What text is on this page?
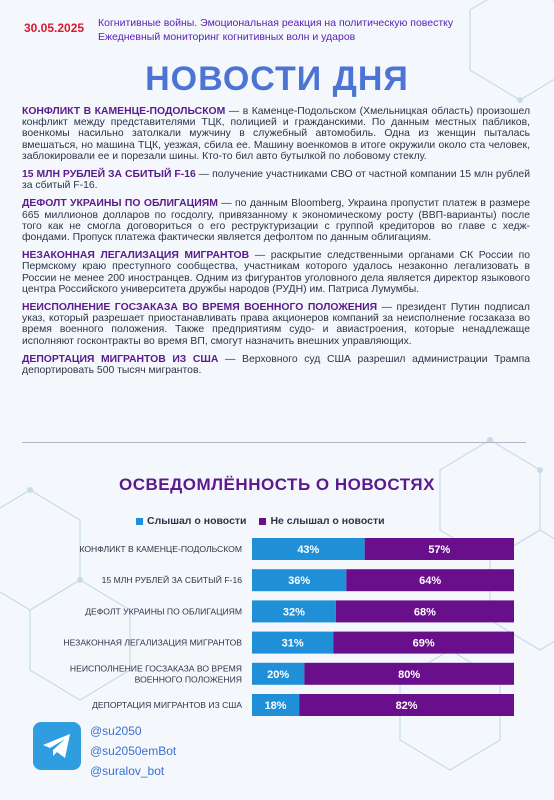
30.05.2025 Когнитивные войны. Эмоциональная реакция на политическую повестку
Ежедневный мониторинг когнитивных волн и ударов
НОВОСТИ ДНЯ

КОНФЛИКТ В КАМЕНЦЕ-ПОДОЛЬСКОМ — в Каменце-Подольском (Хмельницкая область) произошел конфликт между представителями ТЦК, полицией и гражданскими. По данным местных пабликов, военкомы насильно затолкали мужчину в служебный автомобиль. Одна из женщин пыталась вмешаться, но машина ТЦК, уезжая, сбила ее. Машину военкомов в итоге окружили около ста человек, заблокировали ее и порезали шины. Кто-то бил авто бутылкой по лобовому стеклу.

15 МЛН РУБЛЕЙ ЗА СБИТЫЙ F-16 — получение участниками СВО от частной компании 15 млн рублей за сбитый F-16.

ДЕФОЛТ УКРАИНЫ ПО ОБЛИГАЦИЯМ — по данным Bloomberg, Украина пропустит платеж в размере 665 миллионов долларов по госдолгу, привязанному к экономическому росту (ВВП-варианты) после того как не смогла договориться о его реструктуризации с группой кредиторов во главе с хедж-фондами. Пропуск платежа фактически является дефолтом по данным облигациям.

НЕЗАКОННАЯ ЛЕГАЛИЗАЦИЯ МИГРАНТОВ — раскрытие следственными органами СК России по Пермскому краю преступного сообщества, участникам которого удалось незаконно легализовать в России не менее 200 иностранцев. Одним из фигурантов уголовного дела является директор языкового центра Российского университета дружбы народов (РУДН) им. Патриса Лумумбы.

НЕИСПОЛНЕНИЕ ГОСЗАКАЗА ВО ВРЕМЯ ВОЕННОГО ПОЛОЖЕНИЯ — президент Путин подписал указ, который разрешает приостанавливать права акционеров компаний за неисполнение госзаказа во время военного положения. Также предприятиям судо- и авиастроения, которые ненадлежаще исполняют госконтракты во время ВП, смогут назначить внешних управляющих.

ДЕПОРТАЦИЯ МИГРАНТОВ ИЗ США — Верховного суд США разрешил администрации Трампа депортировать 500 тысяч мигрантов.

ОСВЕДОМЛЁННОСТЬ О НОВОСТЯХ
Слышал о новости
Не слышал о новости
КОНФЛИКТ В КАМЕНЦЕ-ПОДОЛЬСКОМ	43%	57%
15 МЛН РУБЛЕЙ ЗА СБИТЫЙ F-16	36%	64%
ДЕФОЛТ УКРАИНЫ ПО ОБЛИГАЦИЯМ	32%	68%
НЕЗАКОННАЯ ЛЕГАЛИЗАЦИЯ МИГРАНТОВ	31%	69%
НЕИСПОЛНЕНИЕ ГОСЗАКАЗА ВО ВРЕМЯ ВОЕННОГО ПОЛОЖЕНИЯ 20%	80%
ДЕПОРТАЦИЯ МИГРАНТОВ ИЗ США 18%	82%
@su2050
@su2050emBot
@suralov_bot
